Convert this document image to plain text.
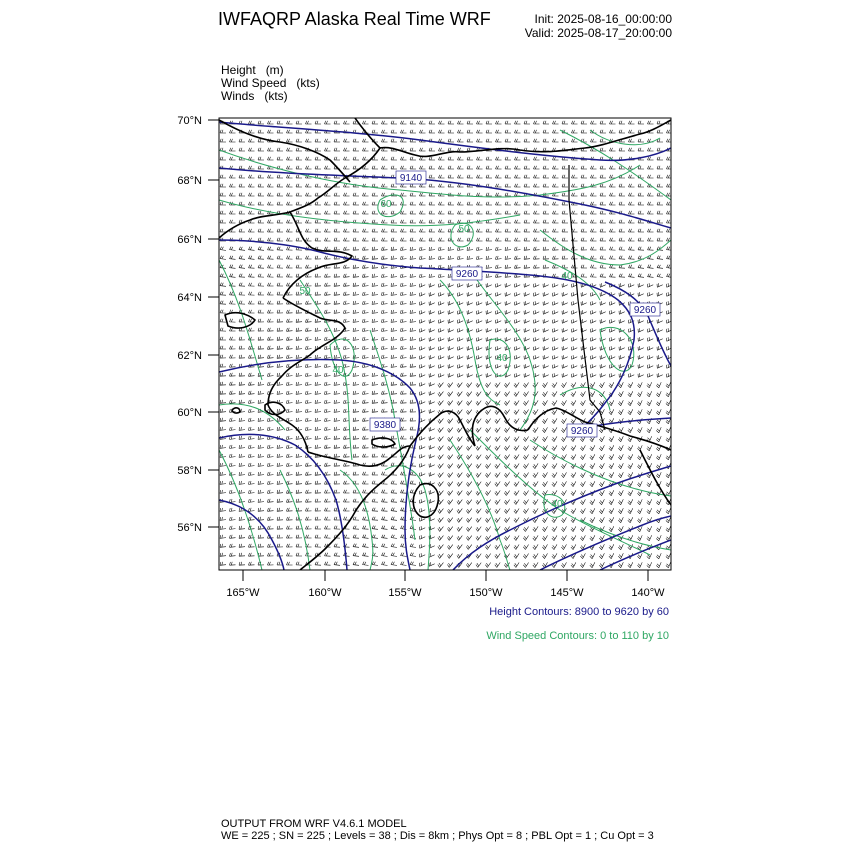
IWFAQRP Alaska Real Time WRF	Init: 2025-08-16_00:00:00
Valid: 2025-08-17_20:00:00
Height   (m)
Wind Speed   (kts)
Winds   (kts)
9140
9260
9260
9380
9260
60
50
40
40
40
50
40
70°N
68°N
66°N
64°N
62°N
60°N
58°N
56°N
165°W	160°W	155°W	150°W	145°W	140°W
Height Contours: 8900 to 9620 by 60
Wind Speed Contours: 0 to 110 by 10
OUTPUT FROM WRF V4.6.1 MODEL
WE = 225 ; SN = 225 ; Levels = 38 ; Dis = 8km ; Phys Opt = 8 ; PBL Opt = 1 ; Cu Opt = 3
